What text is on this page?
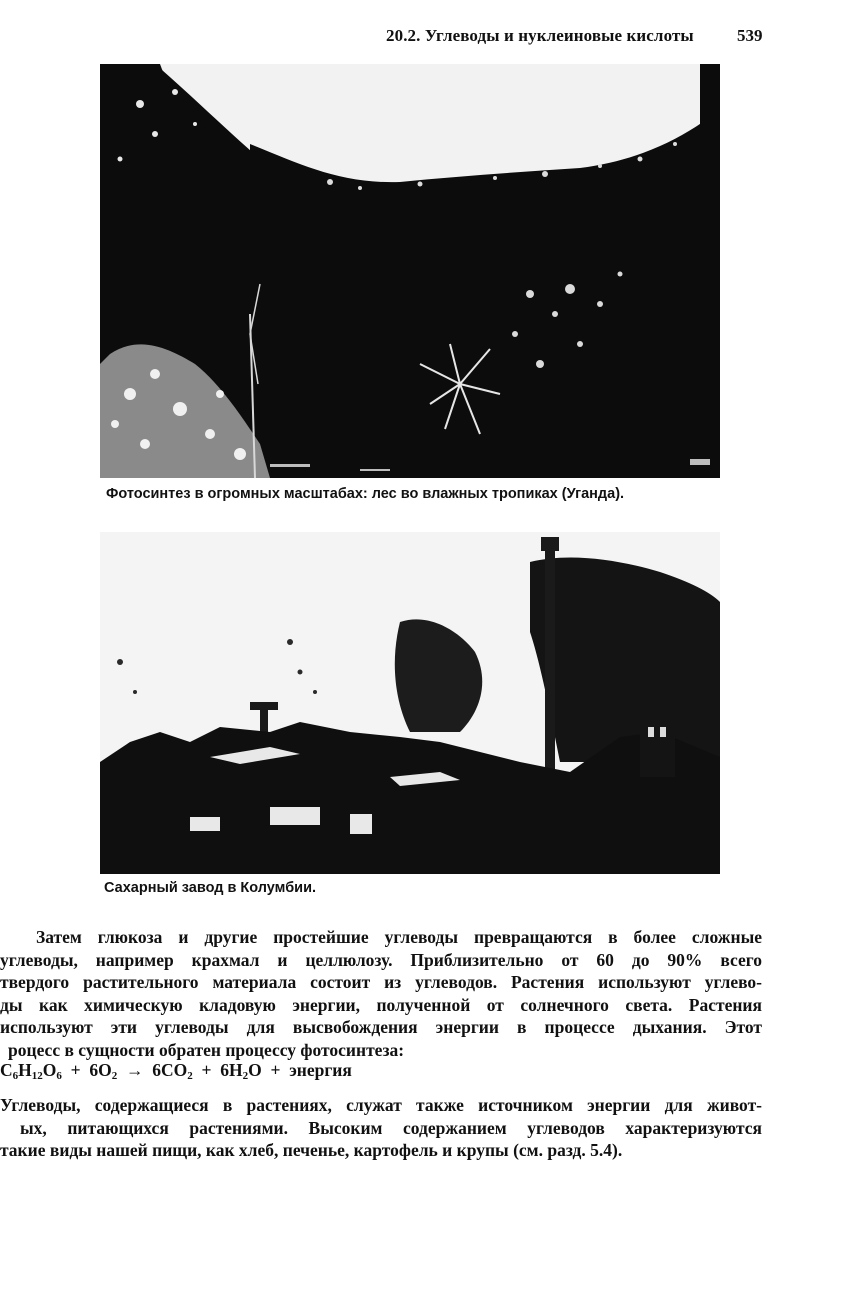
20.2. Углеводы и нуклеиновые кислоты	539
Фотосинтез в огромных масштабах: лес во влажных тропиках (Уганда).
Сахарный завод в Колумбии.
Затем глюкоза и другие простейшие углеводы превращаются в более сложные
углеводы, например крахмал и целлюлозу. Приблизительно от 60 до 90% всего
твердого растительного материала состоит из углеводов. Растения используют углево-
ды как химическую кладовую энергии, полученной от солнечного света. Растения
используют эти углеводы для высвобождения энергии в процессе дыхания. Этот
роцесс в сущности обратен процессу фотосинтеза:
$C_6H_{12}O_6 + 6O_2 \to 6CO_2 + 6H_2O$ + энергия
Углеводы, содержащиеся в растениях, служат также источником энергии для живот-
ых, питающихся растениями. Высоким содержанием углеводов характеризуются
такие виды нашей пищи, как хлеб, печенье, картофель и крупы (см. разд. 5.4).
